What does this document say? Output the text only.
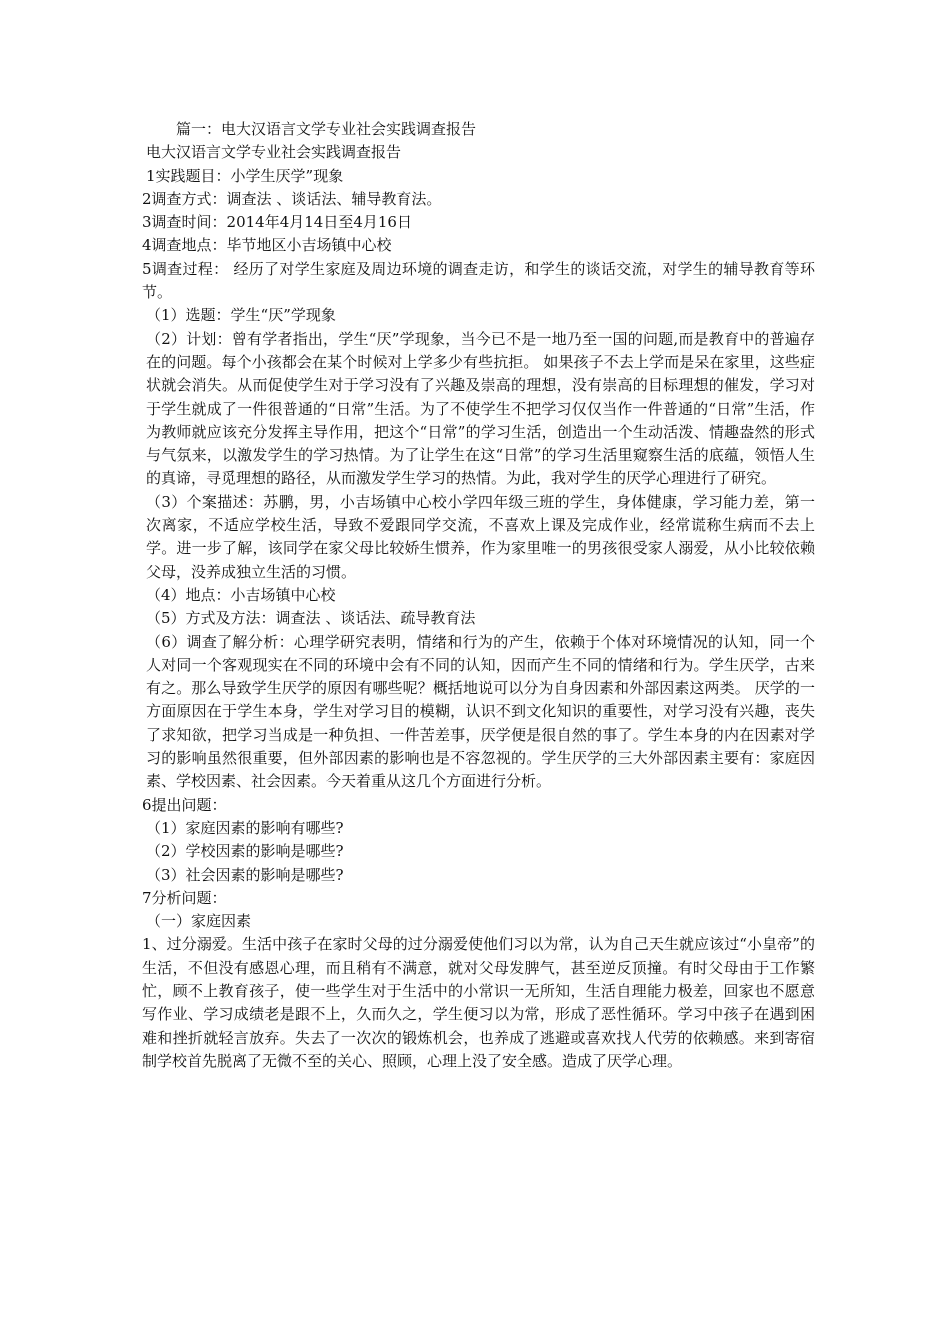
篇一：电大汉语言文学专业社会实践调查报告

电大汉语言文学专业社会实践调查报告

1实践题目：小学生厌学”现象

2调查方式：调查法 、谈话法、辅导教育法。

3调查时间：2014年4月14日至4月16日

4调查地点：毕节地区小吉场镇中心校

5调查过程： 经历了对学生家庭及周边环境的调查走访，和学生的谈话交流，对学生的辅导教育等环节。

（1）选题：学生“厌”学现象

（2）计划：曾有学者指出，学生“厌”学现象，当今已不是一地乃至一国的问题,而是教育中的普遍存在的问题。每个小孩都会在某个时候对上学多少有些抗拒。 如果孩子不去上学而是呆在家里，这些症状就会消失。从而促使学生对于学习没有了兴趣及崇高的理想，没有崇高的目标理想的催发，学习对于学生就成了一件很普通的“日常”生活。为了不使学生不把学习仅仅当作一件普通的“日常”生活，作为教师就应该充分发挥主导作用，把这个“日常”的学习生活，创造出一个生动活泼、情趣盎然的形式与气氛来，以激发学生的学习热情。为了让学生在这“日常”的学习生活里窥察生活的底蕴，领悟人生的真谛，寻觅理想的路径，从而激发学生学习的热情。为此，我对学生的厌学心理进行了研究。

（3）个案描述：苏鹏，男，小吉场镇中心校小学四年级三班的学生，身体健康，学习能力差，第一次离家，不适应学校生活，导致不爱跟同学交流，不喜欢上课及完成作业，经常谎称生病而不去上学。进一步了解，该同学在家父母比较娇生惯养，作为家里唯一的男孩很受家人溺爱，从小比较依赖父母，没养成独立生活的习惯。

（4）地点：小吉场镇中心校

（5）方式及方法：调查法 、谈话法、疏导教育法

（6）调查了解分析：心理学研究表明，情绪和行为的产生，依赖于个体对环境情况的认知，同一个人对同一个客观现实在不同的环境中会有不同的认知，因而产生不同的情绪和行为。学生厌学，古来有之。那么导致学生厌学的原因有哪些呢？概括地说可以分为自身因素和外部因素这两类。 厌学的一方面原因在于学生本身，学生对学习目的模糊，认识不到文化知识的重要性，对学习没有兴趣，丧失了求知欲，把学习当成是一种负担、一件苦差事，厌学便是很自然的事了。学生本身的内在因素对学习的影响虽然很重要，但外部因素的影响也是不容忽视的。学生厌学的三大外部因素主要有：家庭因素、学校因素、社会因素。今天着重从这几个方面进行分析。

6提出问题：

（1）家庭因素的影响有哪些?

（2）学校因素的影响是哪些?

（3）社会因素的影响是哪些?

7分析问题：

（一）家庭因素

1、过分溺爱。生活中孩子在家时父母的过分溺爱使他们习以为常，认为自己天生就应该过“小皇帝”的生活，不但没有感恩心理，而且稍有不满意，就对父母发脾气，甚至逆反顶撞。有时父母由于工作繁忙，顾不上教育孩子，使一些学生对于生活中的小常识一无所知，生活自理能力极差，回家也不愿意写作业、学习成绩老是跟不上，久而久之，学生便习以为常，形成了恶性循环。学习中孩子在遇到困难和挫折就轻言放弃。失去了一次次的锻炼机会，也养成了逃避或喜欢找人代劳的依赖感。来到寄宿制学校首先脱离了无微不至的关心、照顾，心理上没了安全感。造成了厌学心理。
